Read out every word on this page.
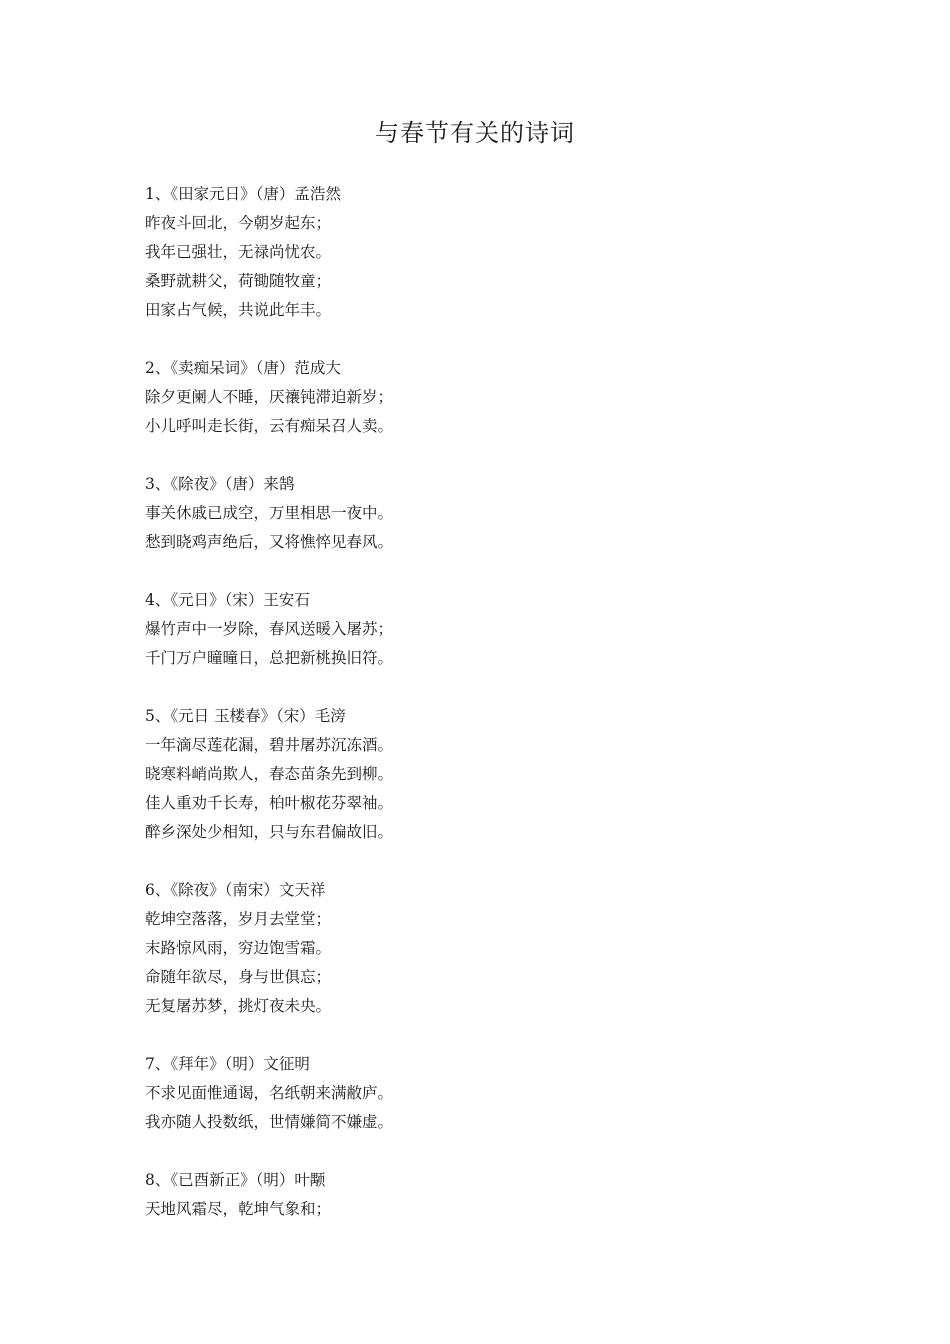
与春节有关的诗词
1、《田家元日》（唐）孟浩然
昨夜斗回北，今朝岁起东；
我年已强壮，无禄尚忧农。
桑野就耕父，荷锄随牧童；
田家占气候，共说此年丰。
2、《卖痴呆词》（唐）范成大
除夕更阑人不睡，厌禳钝滞迫新岁；
小儿呼叫走长街，云有痴呆召人卖。
3、《除夜》（唐）来鹄
事关休戚已成空，万里相思一夜中。
愁到晓鸡声绝后，又将憔悴见春风。
4、《元日》（宋）王安石
爆竹声中一岁除，春风送暖入屠苏；
千门万户曈曈日，总把新桃换旧符。
5、《元日 玉楼春》（宋）毛滂
一年滴尽莲花漏，碧井屠苏沉冻酒。
晓寒料峭尚欺人，春态苗条先到柳。
佳人重劝千长寿，柏叶椒花芬翠袖。
醉乡深处少相知，只与东君偏故旧。
6、《除夜》（南宋）文天祥
乾坤空落落，岁月去堂堂；
末路惊风雨，穷边饱雪霜。
命随年欲尽，身与世俱忘；
无复屠苏梦，挑灯夜未央。
7、《拜年》（明）文征明
不求见面惟通谒，名纸朝来满敝庐。
我亦随人投数纸，世情嫌简不嫌虚。
8、《已酉新正》（明）叶颙
天地风霜尽，乾坤气象和；
